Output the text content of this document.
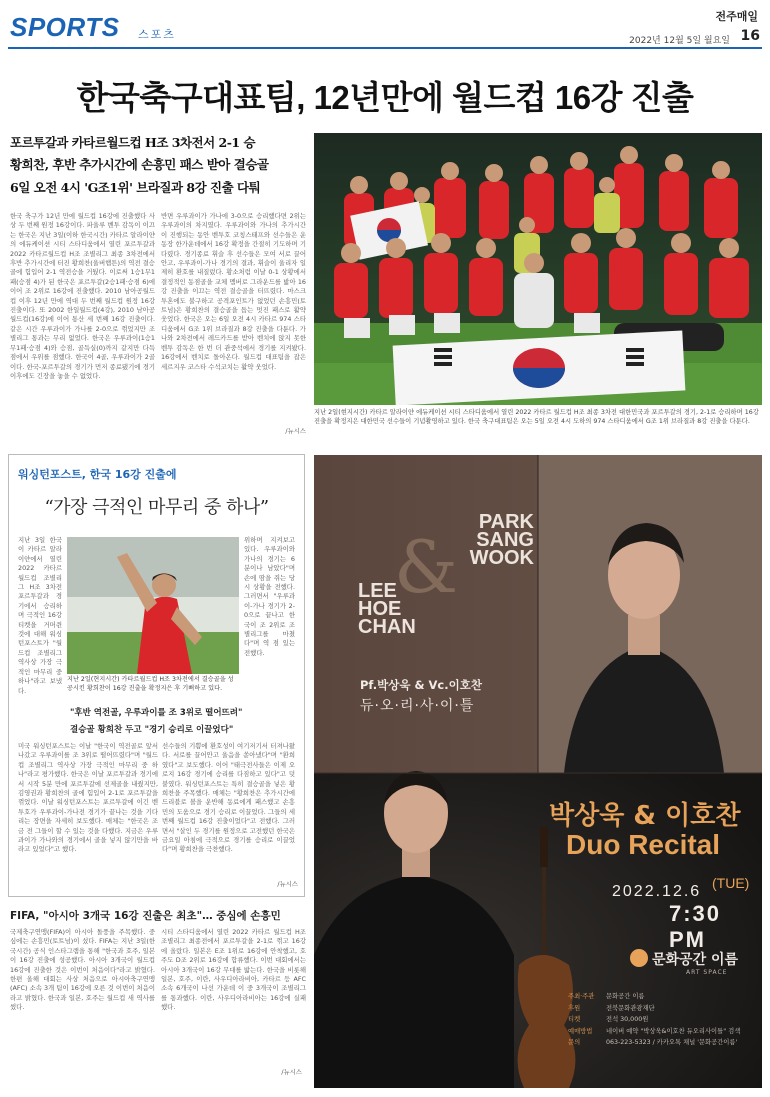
SPORTS 스포츠
전주매일
2022년 12월 5일 월요일 16
한국축구대표팀, 12년만에 월드컵 16강 진출
포르투갈과 카타르월드컵 H조 3차전서 2-1 승
황희찬, 후반 추가시간에 손흥민 패스 받아 결승골
6일 오전 4시 'G조1위' 브라질과 8강 진출 다퉈
한국 축구가 12년 만에 월드컵 16강에 진출했다 사상 두 번째 원정 16강이다. 파울루 벤투 감독이 이끄는 한국은 지난 3일(이하 한국시간) 카타르 알라이얀의 에듀케이션 시티 스타디움에서 열린 포르투갈과 2022 카타르월드컵 H조 조별리그 최종 3차전에서 후반 추가시간에 터진 황희찬(울버햄튼)의 역전 결승골에 힘입어 2-1 역전승을 거뒀다. 이로써 1승1무1패(승점 4)가 된 한국은 포르투갈(2승1패·승점 6)에 이어 조 2위로 16강에 진출했다. 2010 남아공월드컵 이후 12년 만에 역대 두 번째 월드컵 원정 16강 진출이다. 또 2002 한일월드컵(4강), 2010 남아공월드컵(16강)에 이어 통산 세 번째 16강 진출이다. 같은 시간 우루과이가 가나를 2-0으로 꺾었지만 조별리그 통과는 무리 없었다. 한국은 우루과이(1승1무1패·승점 4)와 승점, 골득실(0)까지 같지만 다득점에서 우위를 점했다. 한국이 4골, 우루과이가 2골이다. 한국-포르투갈의 경기가 먼저 종료됐기에 경기 이후에도 긴장을 놓을 수 없었다.
반면 우루과이가 가나에 3-0으로 승리했다면 2위는 우루과이의 차지였다. 우루과이와 가나의 추가시간이 진행되는 동안 벤투호 코칭스태프와 선수들은 운동장 한가운데에서 16강 확정을 간절히 기도하며 기다렸다. 경기종료 휘슬 후 선수들은 모여 서로 끌어안고, 우루과이-가나 경기의 결과, 휘슬이 울리자 일제히 환호를 내질렀다. 황소처럼 이날 0-1 상황에서 결정적인 동점골을 교체 멤버로 그라운드를 밟아 16강 진출을 이끄는 역전 결승골을 터뜨렸다. 마스크 투혼에도 불구하고 공격포인트가 없었던 손흥민(토트넘)은 황희찬의 결승골을 돕는 멋진 패스로 활약 웃었다. 한국은 오는 6일 오전 4시 카타르 974 스타디움에서 G조 1위 브라질과 8강 진출을 다툰다. 가나와 2차전에서 레드카드를 받아 벤치에 앉지 못한 벤투 감독은 한 번 더 관중석에서 경기를 지켜봤다. 16강에서 벤치로 돌아온다. 월드컵 대표팀을 잡은 세르지우 코스타 수석코치는 활약 웃었다.
/뉴시스
지난 2일(현지시간) 카타르 알라이얀 에듀케이션 시티 스타디움에서 열린 2022 카타르 월드컵 H조 최종 3차전 대한민국과 포르투갈의 경기, 2-1로 승리하며 16강 진출을 확정지은 대한민국 선수들이 기념촬영하고 있다. 한국 축구대표팀은 오는 5일 오전 4시 도하의 974 스타디움에서 G조 1위 브라질과 8강 진출을 다툰다.
워싱턴포스트, 한국 16강 진출에
“가장 극적인 마무리 중 하나”
지난 3일 한국이 카타르 알라이얀에서 열린 2022 카타르 월드컵 조별리그 H조 3차전 포르투갈과 경기에서 승리하며 극적인 16강 티켓을 거머쥔 것에 대해 워싱턴포스트가 "월드컵 조별리그 역사상 가장 극적인 마무리 중 하나"라고 보냈다.
위하며 지켜보고 있다. 우루과이와 가나의 경기는 6분이나 남았다"며 손에 땀을 쥐는 당시 상황을 전했다. 그러면서 "우루과이-가나 경기가 2-0으로 끝나고 한국이 조 2위로 조별리그를 마쳤다"며 역 점 있는 전했다.
지난 2일(현지시간) 카타르월드컵 H조 3차전에서 결승골을 성공시킨 황희찬이 16강 진출을 확정지은 후 기뻐하고 있다.
"후반 역전골, 우루과이를 조 3위로 떨어뜨려"
결승골 황희찬 두고 "경기 승리로 이끌었다"
미국 워싱턴포스트는 이날 "한국이 역전골로 앞서 나갔고 우루과이를 조 3위로 떨어뜨렸다"며 "월드컵 조별리그 역사상 가장 극적인 마무리 중 하나"라고 평가했다. 한국은 이날 포르투갈과 경기에서 시작 5분 만에 포르투갈에 선제골을 내줬지만, 김영권과 황희찬의 골에 힘입어 2-1로 포르투갈을 꺾었다. 이날 워싱턴포스트는 포르투갈에 이긴 벤투호가 우루과이-가나전 경기가 끝나는 것을 기다리는 장면을 자세히 보도했다. 매체는 "한국은 조금 전 그들이 할 수 있는 것을 다했다. 지금은 우루과이가 가나와의 경기에서 골을 넣지 않기만을 바라고 있었다"고 했다.
선수들의 기쁨에 환호성이 여기저기서 터져나왔다. 서로를 끌어안고 울음을 쏟아냈다"며 "환희였다"고 보도했다. 이어 "태극전사들은 이제 오로지 16강 경기에 승리를 다짐하고 있다"고 덧붙였다. 워싱턴포스트는 특히 결승골을 넣은 황희찬을 주목했다. 매체는 "황희찬은 추가시간에 드리블로 볼을 운반해 동료에게 패스했고 손흥민의 도움으로 경기 승리로 이끌었다. 그들의 세 번째 월드컵 16강 진출이었다"고 전했다. 그러면서 "살인 두 경기를 원정으로 고전했던 한국은 금요일 아침에 극적으로 경기를 승리로 이끌었다"며 황희찬을 극찬했다.
/뉴시스
FIFA, "아시아 3개국 16강 진출은 최초"… 중심에 손흥민
국제축구연맹(FIFA)이 아시아 돌풍을 주목했다. 중심에는 손흥민(토트넘)이 섰다. FIFA는 지난 3일(한국시간) 공식 인스타그램을 통해 "한국과 호주, 일본이 16강 진출에 성공했다. 아시아 3개국이 월드컵 16강에 진출한 것은 이번이 처음이다"라고 밝혔다. 한편 올해 대회는 사상 처음으로 아시아축구연맹(AFC) 소속 3개 팀이 16강에 오른 것 이번이 처음이라고 밝혔다. 한국과 일본, 호주는 월드컵 새 역사를 썼다.
시티 스타디움에서 열린 2022 카타르 월드컵 H조 조별리그 최종전에서 포르투갈을 2-1로 꺾고 16강에 올랐다. 일본은 E조 1위로 16강에 안착했고, 호주도 D조 2위로 16강에 합류했다. 이번 대회에서는 아시아 3개국이 16강 무대를 밟는다. 한국을 비롯해 일본, 호주, 이란, 사우디아라비아, 카타르 등 AFC 소속 6개국이 나선 가운데 이 중 3개국이 조별리그를 통과했다. 이란, 사우디아라비아는 16강에 실패했다.
/뉴시스
PARK
SANG
WOOK
&
LEE
HOE
CHAN
Pf.박상욱 & Vc.이호찬
듀·오·리·사·이·틀
박상욱 & 이호찬
Duo Recital
2022.12.6 (TUE)
7:30 PM
문화공간 이름
ART SPACE
주최·주관 문화공간 이름
후원	전북문화관광재단
티켓	전석 30,000원
예매방법 네이버 예약 "박상욱&이호찬 듀오리사이틀" 검색
문의	063-223-5323 / 카카오톡 채널 '문화공간이름'
